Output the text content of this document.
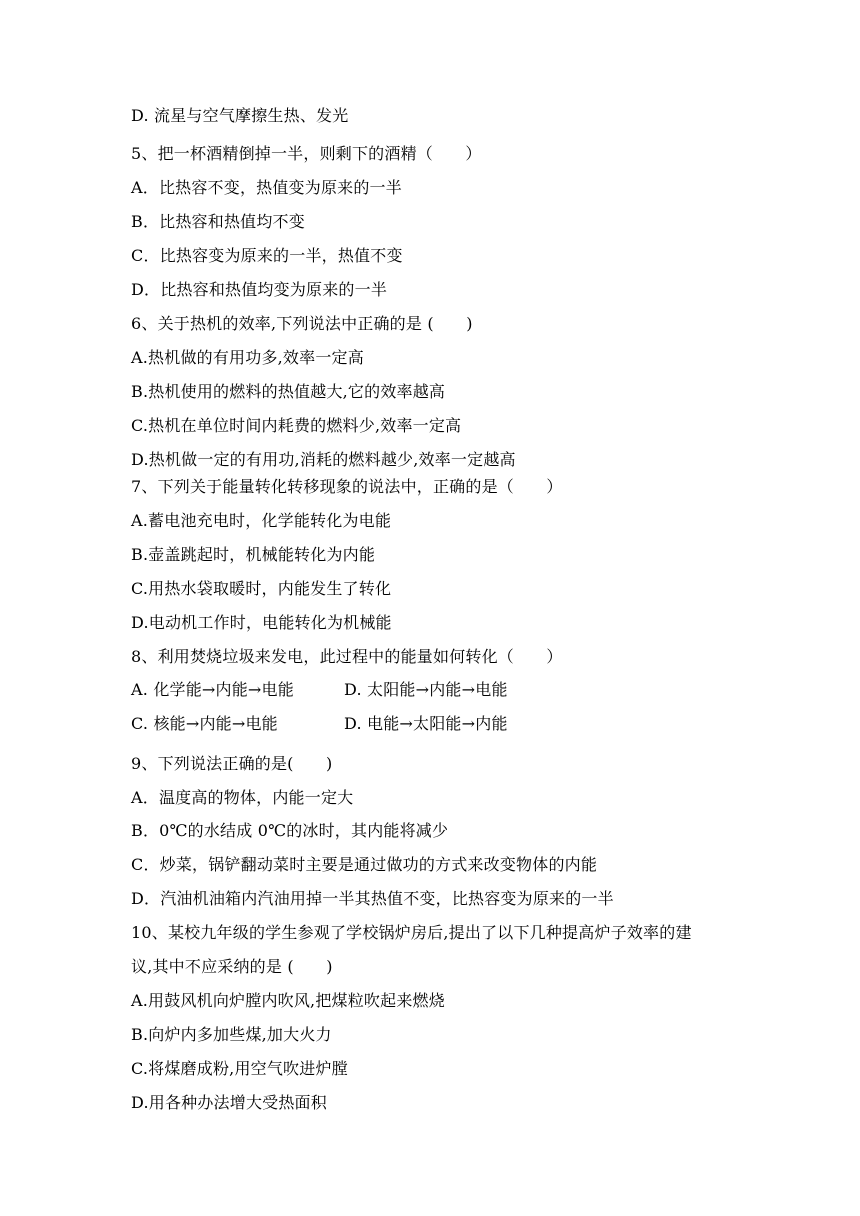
D. 流星与空气摩擦生热、发光
5、把一杯酒精倒掉一半，则剩下的酒精（　　）
A．比热容不变，热值变为原来的一半
B．比热容和热值均不变
C．比热容变为原来的一半，热值不变
D．比热容和热值均变为原来的一半
6、关于热机的效率,下列说法中正确的是 (　　)
A.热机做的有用功多,效率一定高
B.热机使用的燃料的热值越大,它的效率越高
C.热机在单位时间内耗费的燃料少,效率一定高
D.热机做一定的有用功,消耗的燃料越少,效率一定越高
7、下列关于能量转化转移现象的说法中，正确的是（　　）
A.蓄电池充电时，化学能转化为电能
B.壶盖跳起时，机械能转化为内能
C.用热水袋取暖时，内能发生了转化
D.电动机工作时，电能转化为机械能
8、利用焚烧垃圾来发电，此过程中的能量如何转化（　　）
A. 化学能→内能→电能	D. 太阳能→内能→电能
C. 核能→内能→电能	D. 电能→太阳能→内能
9、下列说法正确的是(　　)
A．温度高的物体，内能一定大
B．0℃的水结成 0℃的冰时，其内能将减少
C．炒菜，锅铲翻动菜时主要是通过做功的方式来改变物体的内能
D．汽油机油箱内汽油用掉一半其热值不变，比热容变为原来的一半
10、某校九年级的学生参观了学校锅炉房后,提出了以下几种提高炉子效率的建
议,其中不应采纳的是 (　　)
A.用鼓风机向炉膛内吹风,把煤粒吹起来燃烧
B.向炉内多加些煤,加大火力
C.将煤磨成粉,用空气吹进炉膛
D.用各种办法增大受热面积
